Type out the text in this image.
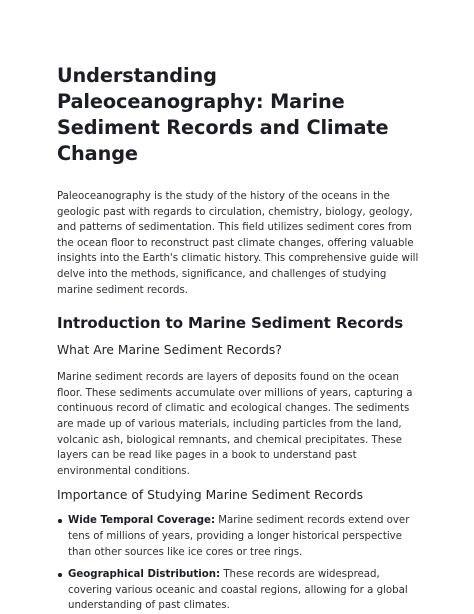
Understanding Paleoceanography: Marine Sediment Records and Climate Change

Paleoceanography is the study of the history of the oceans in the geologic past with regards to circulation, chemistry, biology, geology, and patterns of sedimentation. This field utilizes sediment cores from the ocean floor to reconstruct past climate changes, offering valuable insights into the Earth's climatic history. This comprehensive guide will delve into the methods, significance, and challenges of studying marine sediment records.

Introduction to Marine Sediment Records
What Are Marine Sediment Records?

Marine sediment records are layers of deposits found on the ocean floor. These sediments accumulate over millions of years, capturing a continuous record of climatic and ecological changes. The sediments are made up of various materials, including particles from the land, volcanic ash, biological remnants, and chemical precipitates. These layers can be read like pages in a book to understand past environmental conditions.

Importance of Studying Marine Sediment Records
Wide Temporal Coverage: Marine sediment records extend over tens of millions of years, providing a longer historical perspective than other sources like ice cores or tree rings.
Geographical Distribution: These records are widespread, covering various oceanic and coastal regions, allowing for a global understanding of past climates.
